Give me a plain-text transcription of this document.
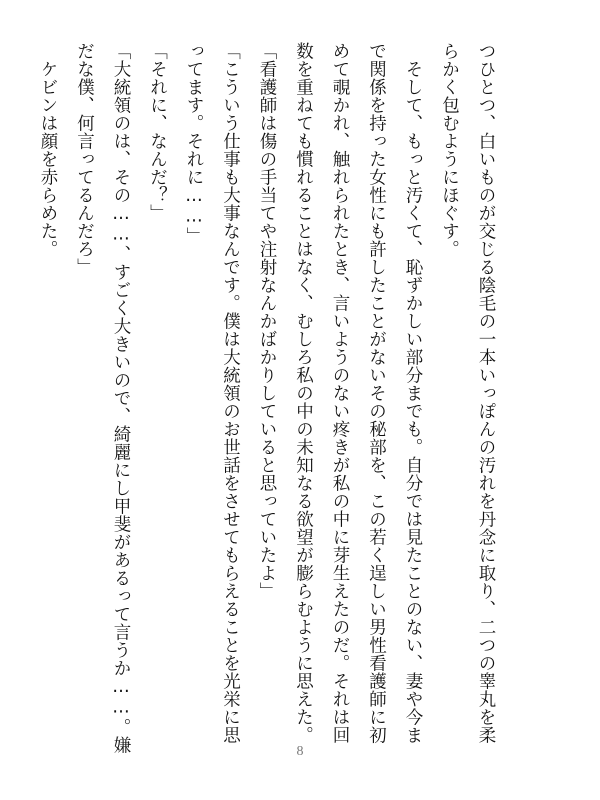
つひとつ、白いものが交じる陰毛の一本いっぽんの汚れを丹念に取り、二つの睾丸を柔
らかく包むようにほぐす。
　そして、もっと汚くて、恥ずかしい部分までも。自分では見たことのない、妻や今ま
で関係を持った女性にも許したことがないその秘部を、この若く逞しい男性看護師に初
めて覗かれ、触れられたとき、言いようのない疼きが私の中に芽生えたのだ。それは回
数を重ねても慣れることはなく、むしろ私の中の未知なる欲望が膨らむように思えた。
「看護師は傷の手当てや注射なんかばかりしていると思っていたよ」
「こういう仕事も大事なんです。僕は大統領のお世話をさせてもらえることを光栄に思
ってます。それに……」
「それに、なんだ？」
「大統領のは、その……、すごく大きいので、綺麗にし甲斐があるって言うか……。嫌
だな僕、何言ってるんだろ」
　ケビンは顔を赤らめた。
8
